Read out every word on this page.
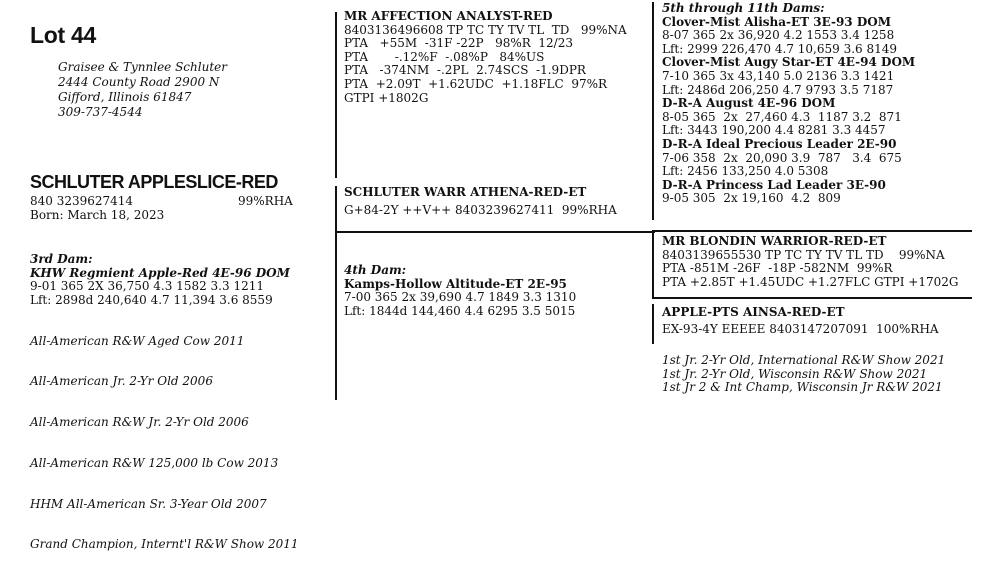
Lot 44
Graisee & Tynnlee Schluter
2444 County Road 2900 N
Gifford, Illinois 61847
309-737-4544
SCHLUTER APPLESLICE-RED
840 3239627414	99%RHA
Born: March 18, 2023
MR AFFECTION ANALYST-RED
8403136496608 TP TC TY TV TL  TD   99%NA
PTA   +55M  -31F -22P   98%R  12/23
PTA       -.12%F  -.08%P   84%US
PTA   -374NM  -.2PL  2.74SCS  -1.9DPR
PTA  +2.09T  +1.62UDC  +1.18FLC  97%R
GTPI +1802G
SCHLUTER WARR ATHENA-RED-ET
G+84-2Y ++V++ 8403239627411  99%RHA
3rd Dam:
KHW Regmient Apple-Red 4E-96 DOM
9-01 365 2X 36,750 4.3 1582 3.3 1211
Lft: 2898d 240,640 4.7 11,394 3.6 8559

All-American R&W Aged Cow 2011

All-American Jr. 2-Yr Old 2006

All-American R&W Jr. 2-Yr Old 2006

All-American R&W 125,000 lb Cow 2013

HHM All-American Sr. 3-Year Old 2007

Grand Champion, Internt'l R&W Show 2011

4th Dam:
Kamps-Hollow Altitude-ET 2E-95
7-00 365 2x 39,690 4.7 1849 3.3 1310
Lft: 1844d 144,460 4.4 6295 3.5 5015
5th through 11th Dams:
Clover-Mist Alisha-ET 3E-93 DOM
8-07 365 2x 36,920 4.2 1553 3.4 1258
Lft: 2999 226,470 4.7 10,659 3.6 8149
Clover-Mist Augy Star-ET 4E-94 DOM
7-10 365 3x 43,140 5.0 2136 3.3 1421
Lft: 2486d 206,250 4.7 9793 3.5 7187
D-R-A August 4E-96 DOM
8-05 365  2x  27,460 4.3  1187 3.2  871
Lft: 3443 190,200 4.4 8281 3.3 4457
D-R-A Ideal Precious Leader 2E-90
7-06 358  2x  20,090 3.9  787   3.4  675
Lft: 2456 133,250 4.0 5308
D-R-A Princess Lad Leader 3E-90
9-05 305  2x 19,160  4.2  809
MR BLONDIN WARRIOR-RED-ET
8403139655530 TP TC TY TV TL TD    99%NA
PTA -851M -26F  -18P -582NM  99%R
PTA +2.85T +1.45UDC +1.27FLC GTPI +1702G
APPLE-PTS AINSA-RED-ET
EX-93-4Y EEEEE 8403147207091  100%RHA
1st Jr. 2-Yr Old, International R&W Show 2021
1st Jr. 2-Yr Old, Wisconsin R&W Show 2021
1st Jr 2 & Int Champ, Wisconsin Jr R&W 2021
